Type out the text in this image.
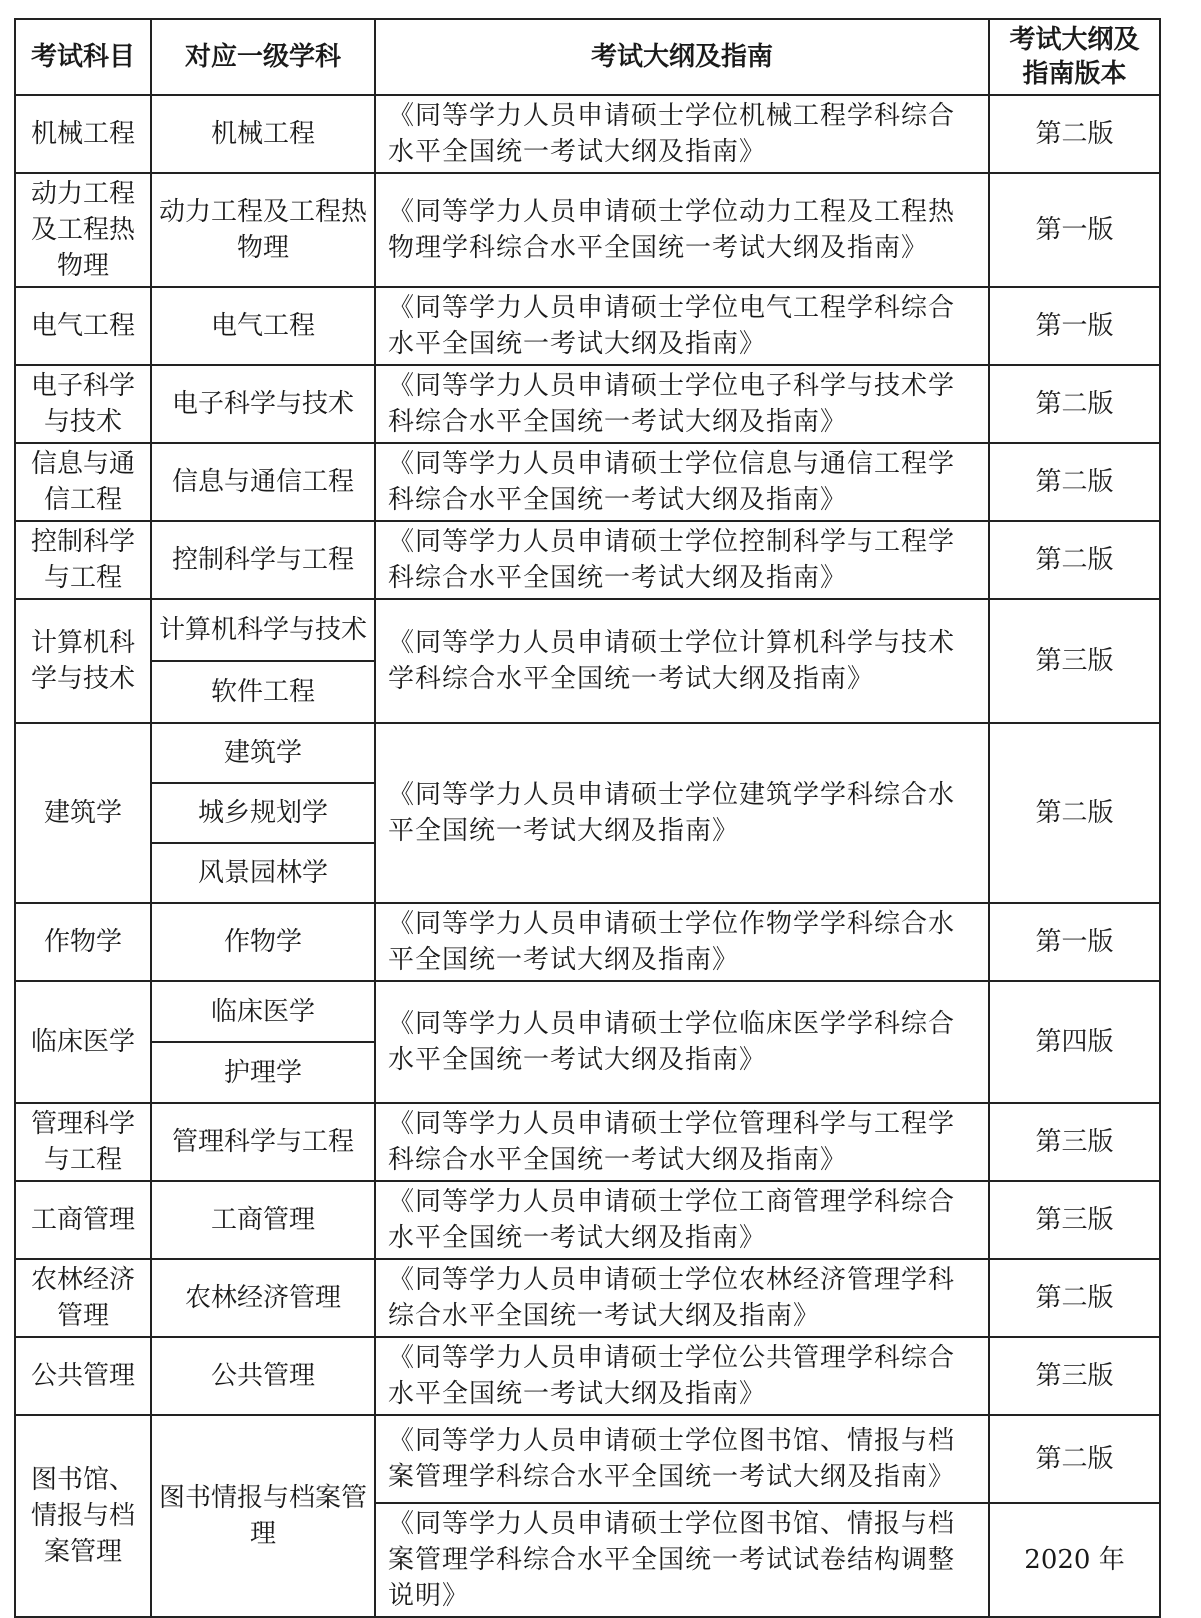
考试科目	对应一级学科	考试大纲及指南	考试大纲及指南版本
机械工程	机械工程	《同等学力人员申请硕士学位机械工程学科综合水平全国统一考试大纲及指南》	第二版
动力工程及工程热物理	动力工程及工程热物理	《同等学力人员申请硕士学位动力工程及工程热物理学科综合水平全国统一考试大纲及指南》	第一版
电气工程	电气工程	《同等学力人员申请硕士学位电气工程学科综合水平全国统一考试大纲及指南》	第一版
电子科学与技术	电子科学与技术	《同等学力人员申请硕士学位电子科学与技术学科综合水平全国统一考试大纲及指南》	第二版
信息与通信工程	信息与通信工程	《同等学力人员申请硕士学位信息与通信工程学科综合水平全国统一考试大纲及指南》	第二版
控制科学与工程	控制科学与工程	《同等学力人员申请硕士学位控制科学与工程学科综合水平全国统一考试大纲及指南》	第二版
计算机科学与技术	计算机科学与技术	《同等学力人员申请硕士学位计算机科学与技术学科综合水平全国统一考试大纲及指南》	第三版
	软件工程		
建筑学	建筑学	《同等学力人员申请硕士学位建筑学学科综合水平全国统一考试大纲及指南》	第二版
	城乡规划学		
	风景园林学		
作物学	作物学	《同等学力人员申请硕士学位作物学学科综合水平全国统一考试大纲及指南》	第一版
临床医学	临床医学	《同等学力人员申请硕士学位临床医学学科综合水平全国统一考试大纲及指南》	第四版
	护理学		
管理科学与工程	管理科学与工程	《同等学力人员申请硕士学位管理科学与工程学科综合水平全国统一考试大纲及指南》	第三版
工商管理	工商管理	《同等学力人员申请硕士学位工商管理学科综合水平全国统一考试大纲及指南》	第三版
农林经济管理	农林经济管理	《同等学力人员申请硕士学位农林经济管理学科综合水平全国统一考试大纲及指南》	第二版
公共管理	公共管理	《同等学力人员申请硕士学位公共管理学科综合水平全国统一考试大纲及指南》	第三版
图书馆、情报与档案管理	图书情报与档案管理	《同等学力人员申请硕士学位图书馆、情报与档案管理学科综合水平全国统一考试大纲及指南》	第二版
		《同等学力人员申请硕士学位图书馆、情报与档案管理学科综合水平全国统一考试试卷结构调整说明》	2020 年
